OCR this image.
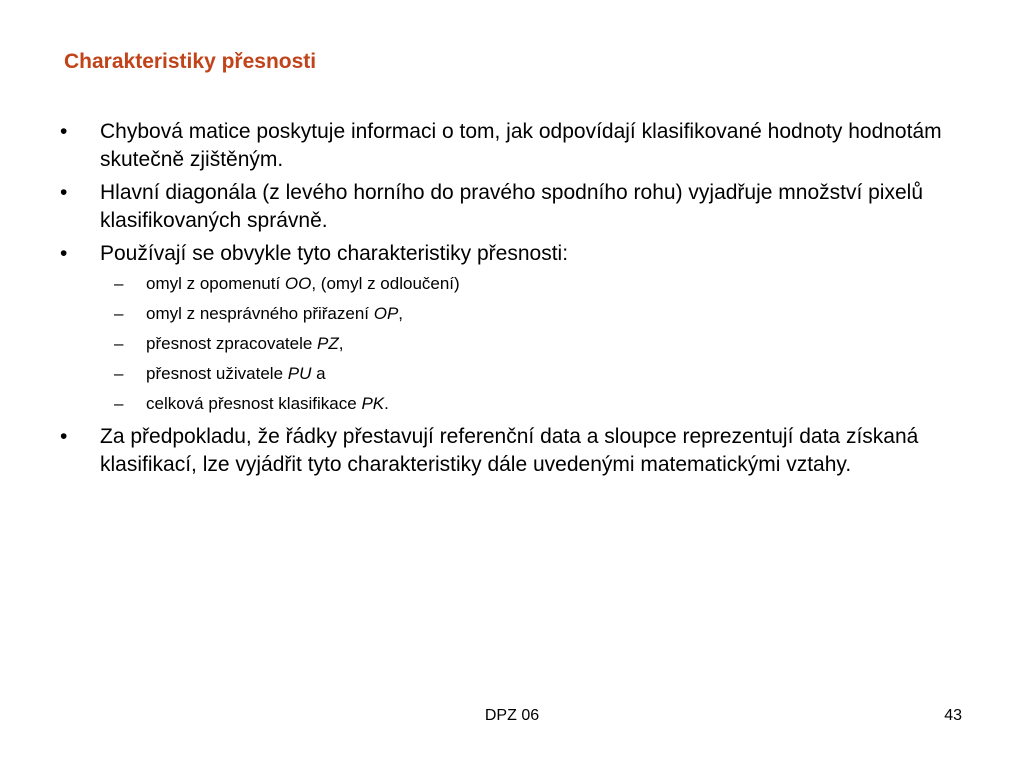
Charakteristiky přesnosti
• Chybová matice poskytuje informaci o tom, jak odpovídají klasifikované hodnoty hodnotám skutečně zjištěným.
• Hlavní diagonála (z levého horního do pravého spodního rohu) vyjadřuje množství pixelů klasifikovaných správně.
• Používají se obvykle tyto charakteristiky přesnosti:
– omyl z opomenutí OO, (omyl z odloučení)
– omyl z nesprávného přiřazení OP,
– přesnost zpracovatele PZ,
– přesnost uživatele PU a
– celková přesnost klasifikace PK.
• Za předpokladu, že řádky přestavují referenční data a sloupce reprezentují data získaná klasifikací, lze vyjádřit tyto charakteristiky dále uvedenými matematickými vztahy.
DPZ 06	43
